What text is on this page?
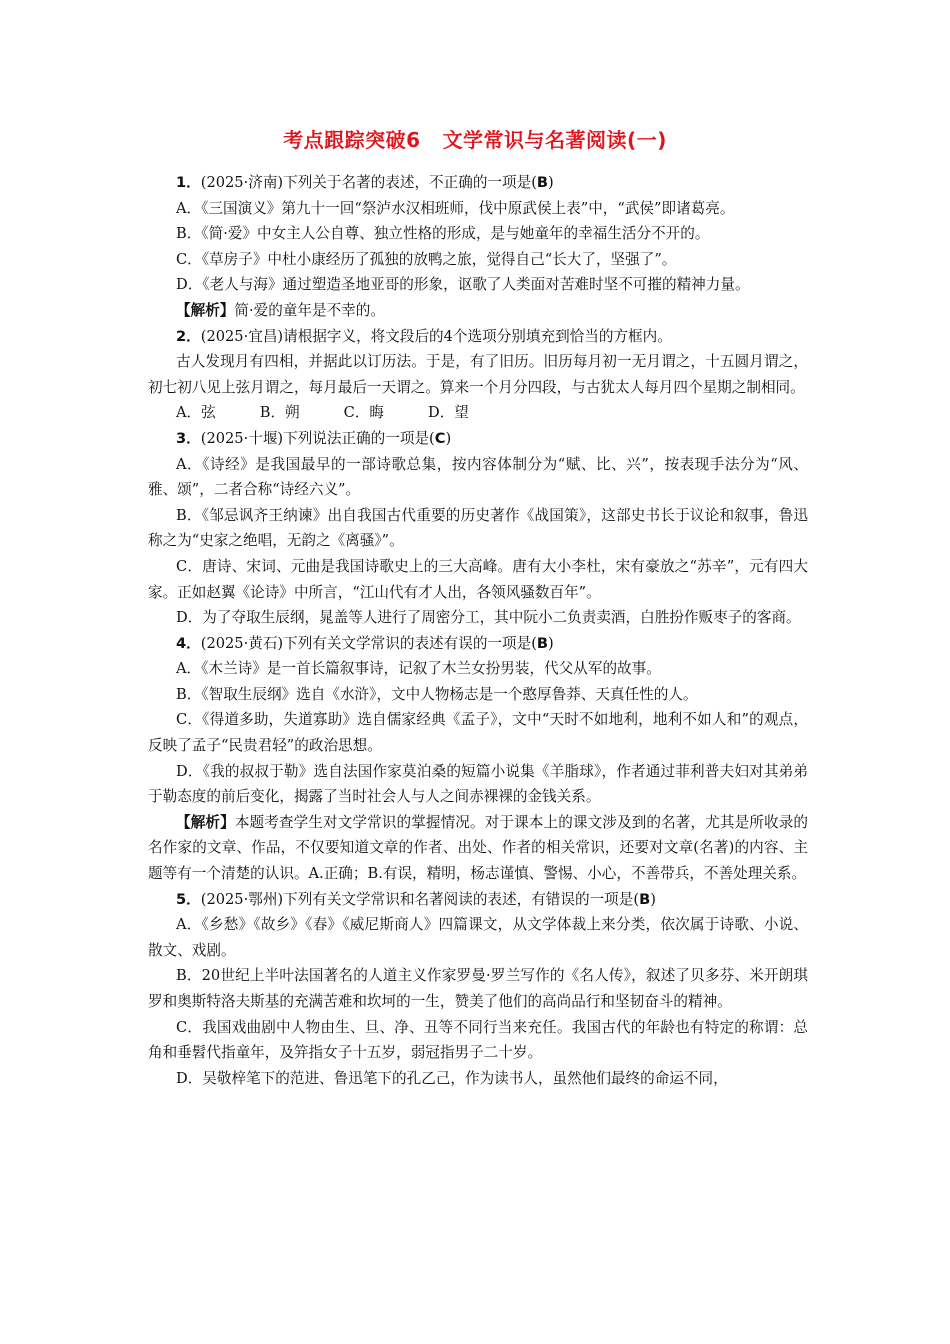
考点跟踪突破6 文学常识与名著阅读(一)
1．(2025·济南)下列关于名著的表述，不正确的一项是(B)
A．《三国演义》第九十一回“祭泸水汉相班师，伐中原武侯上表”中，“武侯”即诸葛亮。
B．《简·爱》中女主人公自尊、独立性格的形成，是与她童年的幸福生活分不开的。
C．《草房子》中杜小康经历了孤独的放鸭之旅，觉得自己“长大了，坚强了”。
D．《老人与海》通过塑造圣地亚哥的形象，讴歌了人类面对苦难时坚不可摧的精神力量。
【解析】简·爱的童年是不幸的。
2．(2025·宜昌)请根据字义，将文段后的4个选项分别填充到恰当的方框内。
古人发现月有四相，并据此以订历法。于是，有了旧历。旧历每月初一无月谓之，十五圆月谓之，初七初八见上弦月谓之，每月最后一天谓之。算来一个月分四段，与古犹太人每月四个星期之制相同。
A．弦	B．朔	C．晦	D．望
3．(2025·十堰)下列说法正确的一项是(C)
A．《诗经》是我国最早的一部诗歌总集，按内容体制分为“赋、比、兴”，按表现手法分为“风、雅、颂”，二者合称“诗经六义”。
B．《邹忌讽齐王纳谏》出自我国古代重要的历史著作《战国策》，这部史书长于议论和叙事，鲁迅称之为“史家之绝唱，无韵之《离骚》”。
C．唐诗、宋词、元曲是我国诗歌史上的三大高峰。唐有大小李杜，宋有豪放之“苏辛”，元有四大家。正如赵翼《论诗》中所言，“江山代有才人出，各领风骚数百年”。
D．为了夺取生辰纲，晁盖等人进行了周密分工，其中阮小二负责卖酒，白胜扮作贩枣子的客商。
4．(2025·黄石)下列有关文学常识的表述有误的一项是(B)
A．《木兰诗》是一首长篇叙事诗，记叙了木兰女扮男装，代父从军的故事。
B．《智取生辰纲》选自《水浒》，文中人物杨志是一个憨厚鲁莽、天真任性的人。
C．《得道多助，失道寡助》选自儒家经典《孟子》，文中“天时不如地利，地利不如人和”的观点，反映了孟子“民贵君轻”的政治思想。
D．《我的叔叔于勒》选自法国作家莫泊桑的短篇小说集《羊脂球》，作者通过菲利普夫妇对其弟弟于勒态度的前后变化，揭露了当时社会人与人之间赤裸裸的金钱关系。
【解析】本题考查学生对文学常识的掌握情况。对于课本上的课文涉及到的名著，尤其是所收录的名作家的文章、作品，不仅要知道文章的作者、出处、作者的相关常识，还要对文章(名著)的内容、主题等有一个清楚的认识。A.正确；B.有误，精明，杨志谨慎、警惕、小心，不善带兵，不善处理关系。
5．(2025·鄂州)下列有关文学常识和名著阅读的表述，有错误的一项是(B)
A．《乡愁》《故乡》《春》《威尼斯商人》四篇课文，从文学体裁上来分类，依次属于诗歌、小说、散文、戏剧。
B．20世纪上半叶法国著名的人道主义作家罗曼·罗兰写作的《名人传》，叙述了贝多芬、米开朗琪罗和奥斯特洛夫斯基的充满苦难和坎坷的一生，赞美了他们的高尚品行和坚韧奋斗的精神。
C．我国戏曲剧中人物由生、旦、净、丑等不同行当来充任。我国古代的年龄也有特定的称谓：总角和垂髫代指童年，及笄指女子十五岁，弱冠指男子二十岁。
D．吴敬梓笔下的范进、鲁迅笔下的孔乙己，作为读书人，虽然他们最终的命运不同，
